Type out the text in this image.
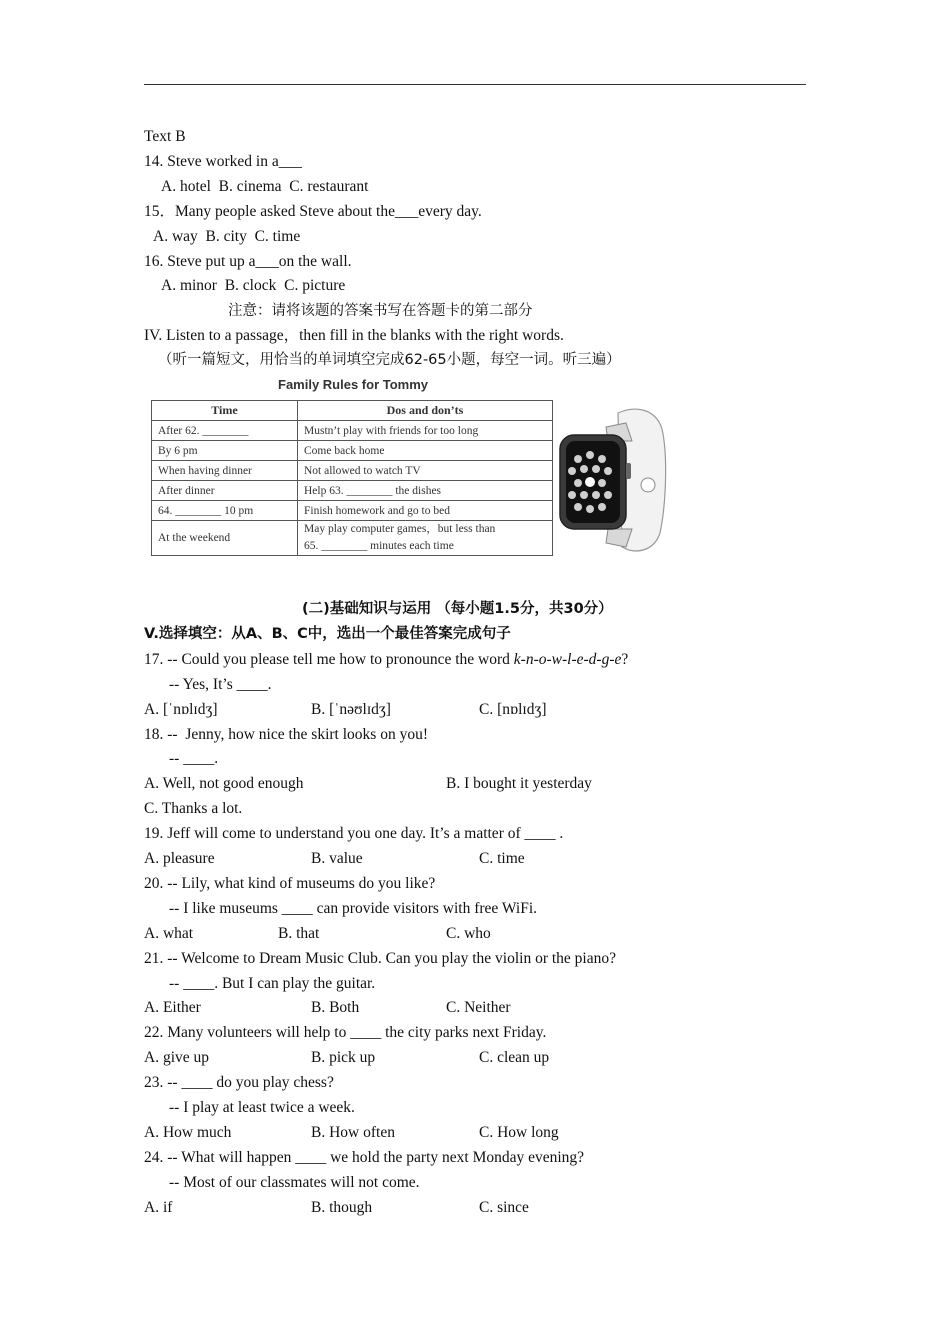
Text B
14. Steve worked in a___
A. hotel  B. cinema  C. restaurant
15．Many people asked Steve about the___every day.
A. way  B. city  C. time
16. Steve put up a___on the wall.
A. minor  B. clock  C. picture
注意：请将该题的答案书写在答题卡的第二部分
IV. Listen to a passage，then fill in the blanks with the right words.
（听一篇短文，用恰当的单词填空完成62-65小题，每空一词。听三遍）
Family Rules for Tommy
Time	Dos and don’ts
After 62. ________	Mustn’t play with friends for too long
By 6 pm	Come back home
When having dinner	Not allowed to watch TV
After dinner	Help 63. ________ the dishes
64. ________ 10 pm	Finish homework and go to bed
At the weekend	May play computer games，but less than
65. ________ minutes each time
(二)基础知识与运用 （每小题1.5分，共30分）
V.选择填空：从A、B、C中，选出一个最佳答案完成句子
17. -- Could you please tell me how to pronounce the word k-n-o-w-l-e-d-g-e?
-- Yes, It’s ____.
A. [ˈnɒlɪdʒ]	B. [ˈnəʊlɪdʒ]	C. [nɒlɪdʒ]
18. --  Jenny, how nice the skirt looks on you!
-- ____.
A. Well, not good enough	B. I bought it yesterday
C. Thanks a lot.
19. Jeff will come to understand you one day. It’s a matter of ____ .
A. pleasure	B. value	C. time
20. -- Lily, what kind of museums do you like?
-- I like museums ____ can provide visitors with free WiFi.
A. what	B. that	C. who
21. -- Welcome to Dream Music Club. Can you play the violin or the piano?
-- ____. But I can play the guitar.
A. Either	B. Both	C. Neither
22. Many volunteers will help to ____ the city parks next Friday.
A. give up	B. pick up	C. clean up
23. -- ____ do you play chess?
-- I play at least twice a week.
A. How much	B. How often	C. How long
24. -- What will happen ____ we hold the party next Monday evening?
-- Most of our classmates will not come.
A. if	B. though	C. since
